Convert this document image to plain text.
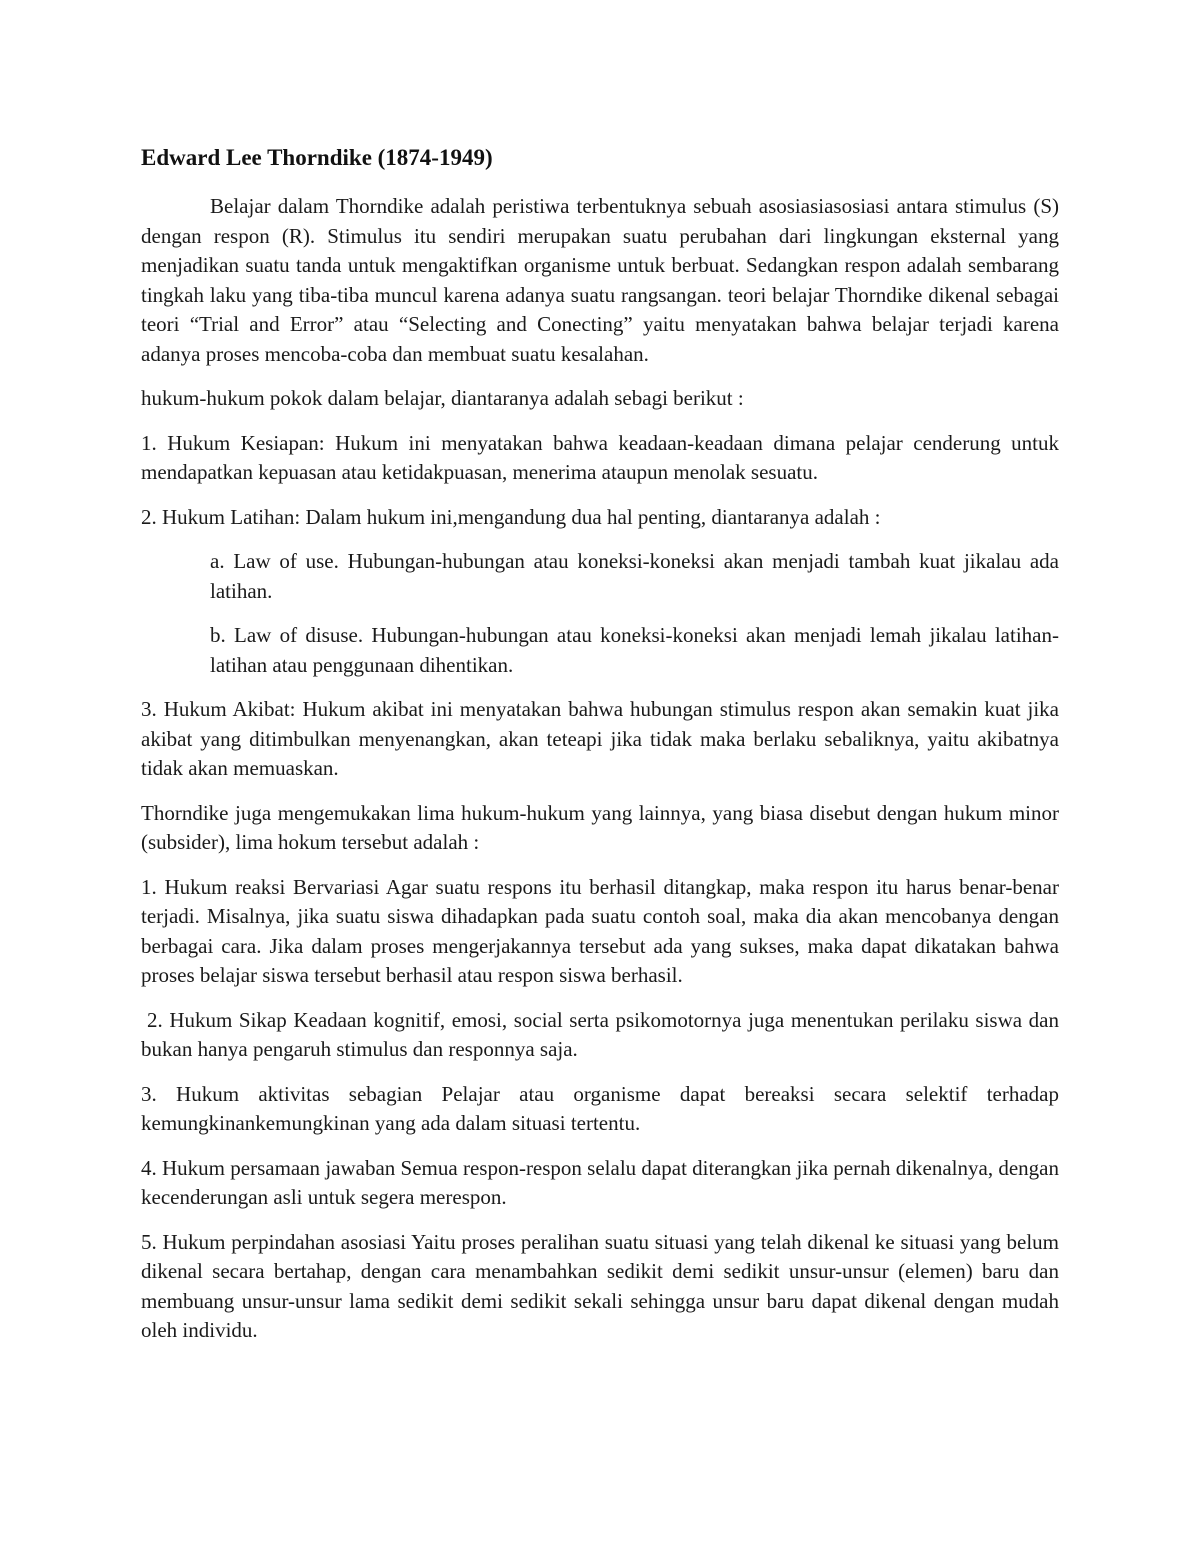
Edward Lee Thorndike (1874-1949)

Belajar dalam Thorndike adalah peristiwa terbentuknya sebuah asosiasiasosiasi antara stimulus (S) dengan respon (R). Stimulus itu sendiri merupakan suatu perubahan dari lingkungan eksternal yang menjadikan suatu tanda untuk mengaktifkan organisme untuk berbuat. Sedangkan respon adalah sembarang tingkah laku yang tiba-tiba muncul karena adanya suatu rangsangan. teori belajar Thorndike dikenal sebagai teori “Trial and Error” atau “Selecting and Conecting” yaitu menyatakan bahwa belajar terjadi karena adanya proses mencoba-coba dan membuat suatu kesalahan.

hukum-hukum pokok dalam belajar, diantaranya adalah sebagi berikut :

1. Hukum Kesiapan: Hukum ini menyatakan bahwa keadaan-keadaan dimana pelajar cenderung untuk mendapatkan kepuasan atau ketidakpuasan, menerima ataupun menolak sesuatu.

2. Hukum Latihan: Dalam hukum ini,mengandung dua hal penting, diantaranya adalah :

a. Law of use. Hubungan-hubungan atau koneksi-koneksi akan menjadi tambah kuat jikalau ada latihan.

b. Law of disuse. Hubungan-hubungan atau koneksi-koneksi akan menjadi lemah jikalau latihan-latihan atau penggunaan dihentikan.

3. Hukum Akibat: Hukum akibat ini menyatakan bahwa hubungan stimulus respon akan semakin kuat jika akibat yang ditimbulkan menyenangkan, akan teteapi jika tidak maka berlaku sebaliknya, yaitu akibatnya tidak akan memuaskan.

Thorndike juga mengemukakan lima hukum-hukum yang lainnya, yang biasa disebut dengan hukum minor (subsider), lima hokum tersebut adalah :

1. Hukum reaksi Bervariasi Agar suatu respons itu berhasil ditangkap, maka respon itu harus benar-benar terjadi. Misalnya, jika suatu siswa dihadapkan pada suatu contoh soal, maka dia akan mencobanya dengan berbagai cara. Jika dalam proses mengerjakannya tersebut ada yang sukses, maka dapat dikatakan bahwa proses belajar siswa tersebut berhasil atau respon siswa berhasil.

2. Hukum Sikap Keadaan kognitif, emosi, social serta psikomotornya juga menentukan perilaku siswa dan bukan hanya pengaruh stimulus dan responnya saja.

3. Hukum aktivitas sebagian Pelajar atau organisme dapat bereaksi secara selektif terhadap kemungkinankemungkinan yang ada dalam situasi tertentu.

4. Hukum persamaan jawaban Semua respon-respon selalu dapat diterangkan jika pernah dikenalnya, dengan kecenderungan asli untuk segera merespon.

5. Hukum perpindahan asosiasi Yaitu proses peralihan suatu situasi yang telah dikenal ke situasi yang belum dikenal secara bertahap, dengan cara menambahkan sedikit demi sedikit unsur-unsur (elemen) baru dan membuang unsur-unsur lama sedikit demi sedikit sekali sehingga unsur baru dapat dikenal dengan mudah oleh individu.
